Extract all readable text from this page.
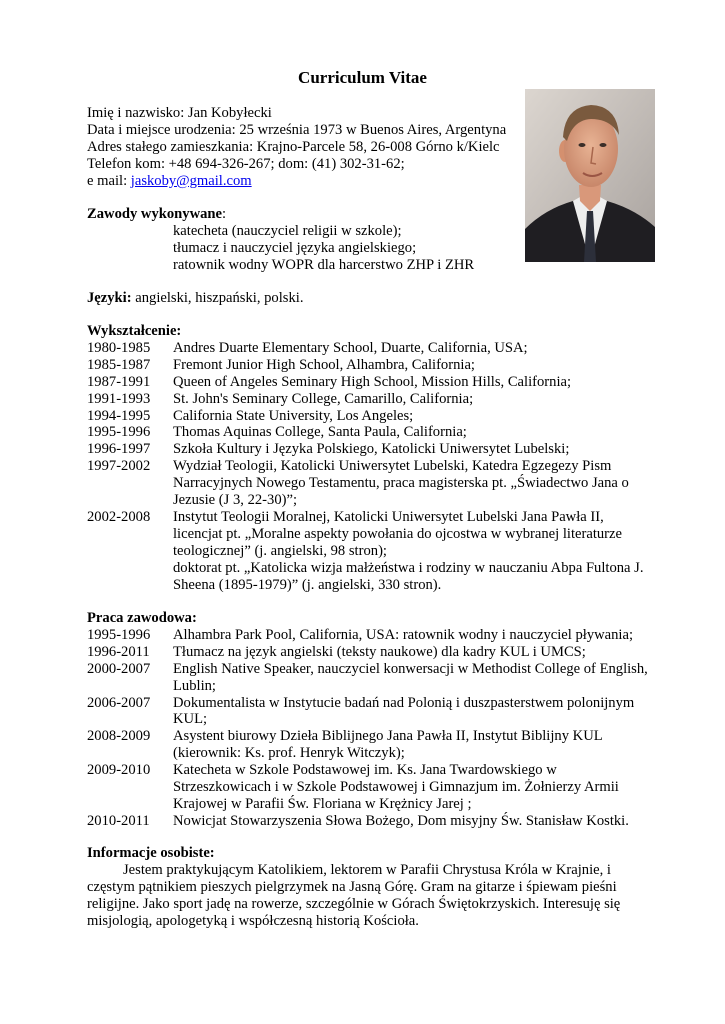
Curriculum Vitae
Imię i nazwisko: Jan Kobyłecki
Data i miejsce urodzenia: 25 września 1973 w Buenos Aires, Argentyna
Adres stałego zamieszkania: Krajno-Parcele 58, 26-008 Górno k/Kielc
Telefon kom: +48 694-326-267; dom: (41) 302-31-62;
e mail: jaskoby@gmail.com
Zawody wykonywane:
katecheta (nauczyciel religii w szkole);
tłumacz i nauczyciel języka angielskiego;
ratownik wodny WOPR dla harcerstwo ZHP i ZHR
Języki: angielski, hiszpański, polski.
Wykształcenie:
1980-1985	Andres Duarte Elementary School, Duarte, California, USA;
1985-1987	Fremont Junior High School, Alhambra, California;
1987-1991	Queen of Angeles Seminary High School, Mission Hills, California;
1991-1993	St. John's Seminary College, Camarillo, California;
1994-1995	California State University, Los Angeles;
1995-1996	Thomas Aquinas College, Santa Paula, California;
1996-1997	Szkoła Kultury i Języka Polskiego, Katolicki Uniwersytet Lubelski;
1997-2002	Wydział Teologii, Katolicki Uniwersytet Lubelski, Katedra Egzegezy Pism Narracyjnych Nowego Testamentu, praca magisterska pt. „Świadectwo Jana o Jezusie (J 3, 22-30)”;
2002-2008	Instytut Teologii Moralnej, Katolicki Uniwersytet Lubelski Jana Pawła II, licencjat pt. „Moralne aspekty powołania do ojcostwa w wybranej literaturze teologicznej” (j. angielski, 98 stron);
doktorat pt. „Katolicka wizja małżeństwa i rodziny w nauczaniu Abpa Fultona J. Sheena (1895-1979)” (j. angielski, 330 stron).
Praca zawodowa:
1995-1996	Alhambra Park Pool, California, USA: ratownik wodny i nauczyciel pływania;
1996-2011	Tłumacz na język angielski (teksty naukowe) dla kadry KUL i UMCS;
2000-2007	English Native Speaker, nauczyciel konwersacji w Methodist College of English, Lublin;
2006-2007	Dokumentalista w Instytucie badań nad Polonią i duszpasterstwem polonijnym KUL;
2008-2009	Asystent biurowy Dzieła Biblijnego Jana Pawła II, Instytut Biblijny KUL (kierownik: Ks. prof. Henryk Witczyk);
2009-2010	Katecheta w Szkole Podstawowej im. Ks. Jana Twardowskiego w Strzeszkowicach i w Szkole Podstawowej i Gimnazjum im. Żołnierzy Armii Krajowej w Parafii Św. Floriana w Krężnicy Jarej ;
2010-2011	Nowicjat Stowarzyszenia Słowa Bożego, Dom misyjny Św. Stanisław Kostki.
Informacje osobiste:
Jestem praktykującym Katolikiem, lektorem w Parafii Chrystusa Króla w Krajnie, i częstym pątnikiem pieszych pielgrzymek na Jasną Górę. Gram na gitarze i śpiewam pieśni religijne. Jako sport jadę na rowerze, szczególnie w Górach Świętokrzyskich. Interesuję się misjologią, apologetyką i współczesną historią Kościoła.
